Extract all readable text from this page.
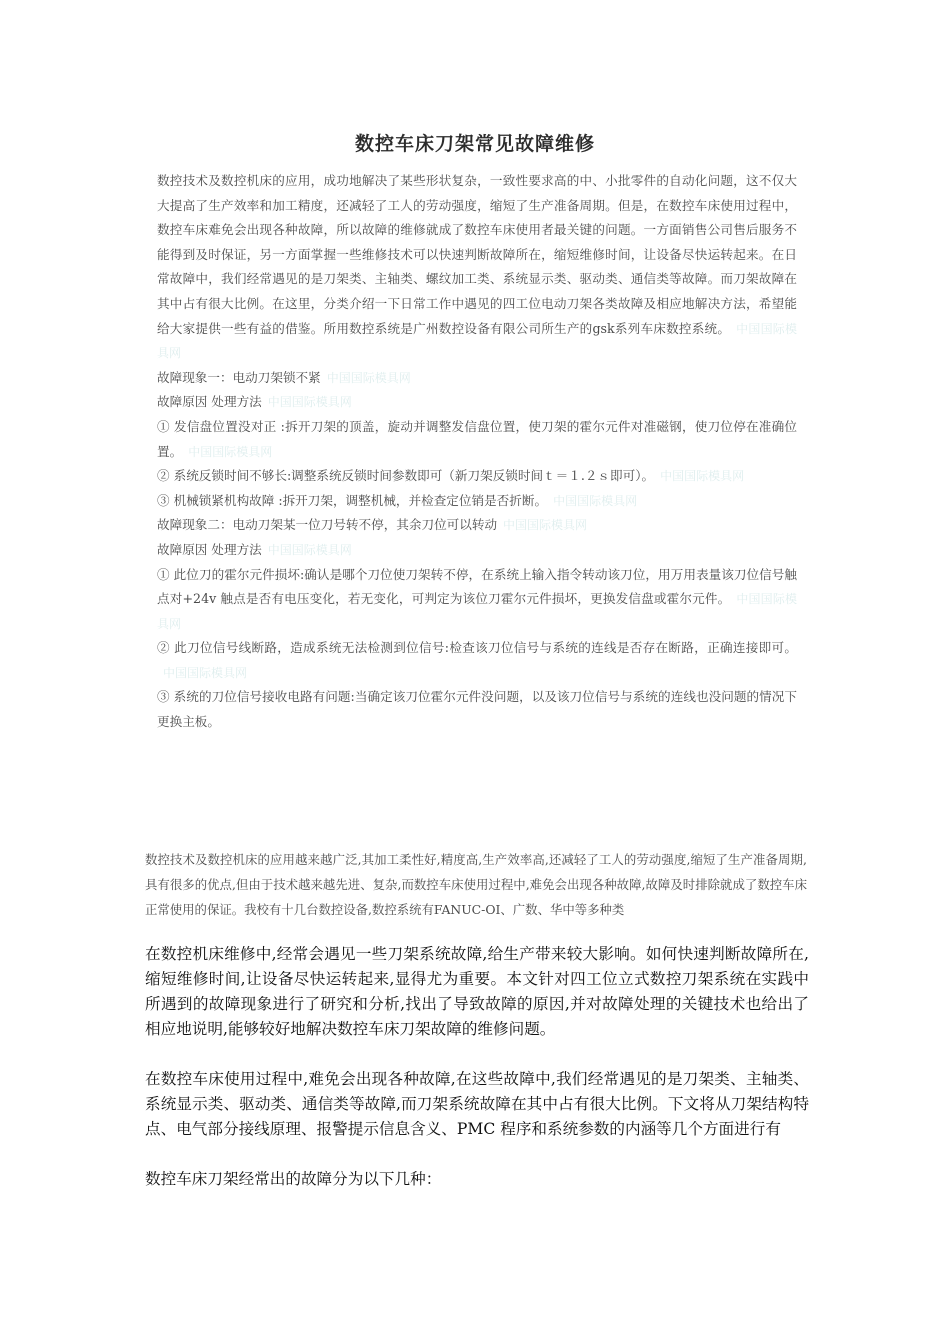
数控车床刀架常见故障维修

数控技术及数控机床的应用，成功地解决了某些形状复杂，一致性要求高的中、小批零件的自动化问题，这不仅大大提高了生产效率和加工精度，还减轻了工人的劳动强度，缩短了生产准备周期。但是，在数控车床使用过程中，数控车床难免会出现各种故障，所以故障的维修就成了数控车床使用者最关键的问题。一方面销售公司售后服务不能得到及时保证，另一方面掌握一些维修技术可以快速判断故障所在，缩短维修时间，让设备尽快运转起来。在日常故障中，我们经常遇见的是刀架类、主轴类、螺纹加工类、系统显示类、驱动类、通信类等故障。而刀架故障在其中占有很大比例。在这里，分类介绍一下日常工作中遇见的四工位电动刀架各类故障及相应地解决方法，希望能给大家提供一些有益的借鉴。所用数控系统是广州数控设备有限公司所生产的gsk系列车床数控系统。 中国国际模具网

故障现象一：电动刀架锁不紧 中国国际模具网

故障原因 处理方法 中国国际模具网

① 发信盘位置没对正 :拆开刀架的顶盖，旋动并调整发信盘位置，使刀架的霍尔元件对准磁钢，使刀位停在准确位置。 中国国际模具网

② 系统反锁时间不够长:调整系统反锁时间参数即可（新刀架反锁时间ｔ＝１.２ｓ即可）。 中国国际模具网

③ 机械锁紧机构故障 :拆开刀架，调整机械，并检查定位销是否折断。 中国国际模具网

故障现象二：电动刀架某一位刀号转不停，其余刀位可以转动 中国国际模具网

故障原因 处理方法 中国国际模具网

① 此位刀的霍尔元件损坏:确认是哪个刀位使刀架转不停，在系统上输入指令转动该刀位，用万用表量该刀位信号触点对+24v 触点是否有电压变化，若无变化，可判定为该位刀霍尔元件损坏，更换发信盘或霍尔元件。 中国国际模具网

② 此刀位信号线断路，造成系统无法检测到位信号:检查该刀位信号与系统的连线是否存在断路，正确连接即可。中国国际模具网

③ 系统的刀位信号接收电路有问题:当确定该刀位霍尔元件没问题，以及该刀位信号与系统的连线也没问题的情况下更换主板。

数控技术及数控机床的应用越来越广泛,其加工柔性好,精度高,生产效率高,还减轻了工人的劳动强度,缩短了生产准备周期,具有很多的优点,但由于技术越来越先进、复杂,而数控车床使用过程中,难免会出现各种故障,故障及时排除就成了数控车床正常使用的保证。我校有十几台数控设备,数控系统有FANUC-OI、广数、华中等多种类

在数控机床维修中,经常会遇见一些刀架系统故障,给生产带来较大影响。如何快速判断故障所在,缩短维修时间,让设备尽快运转起来,显得尤为重要。本文针对四工位立式数控刀架系统在实践中所遇到的故障现象进行了研究和分析,找出了导致故障的原因,并对故障处理的关键技术也给出了相应地说明,能够较好地解决数控车床刀架故障的维修问题。

在数控车床使用过程中,难免会出现各种故障,在这些故障中,我们经常遇见的是刀架类、主轴类、系统显示类、驱动类、通信类等故障,而刀架系统故障在其中占有很大比例。下文将从刀架结构特点、电气部分接线原理、报警提示信息含义、PMC 程序和系统参数的内涵等几个方面进行有

数控车床刀架经常出的故障分为以下几种：
